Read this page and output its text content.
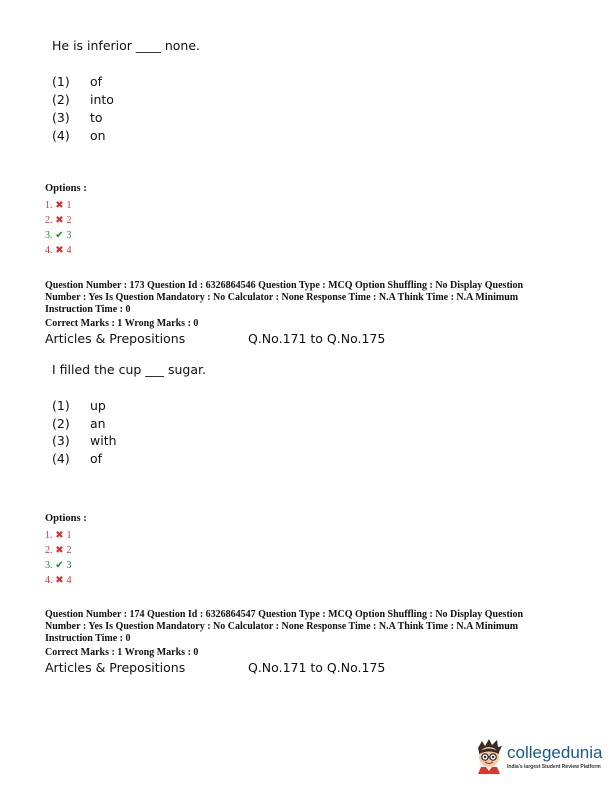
He is inferior ____ none.
(1) of
(2) into
(3) to
(4) on
Options :
1. ✖ 1
2. ✖ 2
3. ✔ 3
4. ✖ 4
Question Number : 173 Question Id : 6326864546 Question Type : MCQ Option Shuffling : No Display Question
Number : Yes Is Question Mandatory : No Calculator : None Response Time : N.A Think Time : N.A Minimum
Instruction Time : 0
Correct Marks : 1 Wrong Marks : 0
Articles & Prepositions	Q.No.171 to Q.No.175
I filled the cup ___ sugar.
(1) up
(2) an
(3) with
(4) of
Options :
1. ✖ 1
2. ✖ 2
3. ✔ 3
4. ✖ 4
Question Number : 174 Question Id : 6326864547 Question Type : MCQ Option Shuffling : No Display Question
Number : Yes Is Question Mandatory : No Calculator : None Response Time : N.A Think Time : N.A Minimum
Instruction Time : 0
Correct Marks : 1 Wrong Marks : 0
Articles & Prepositions	Q.No.171 to Q.No.175
collegedunia
India's largest Student Review Platform
